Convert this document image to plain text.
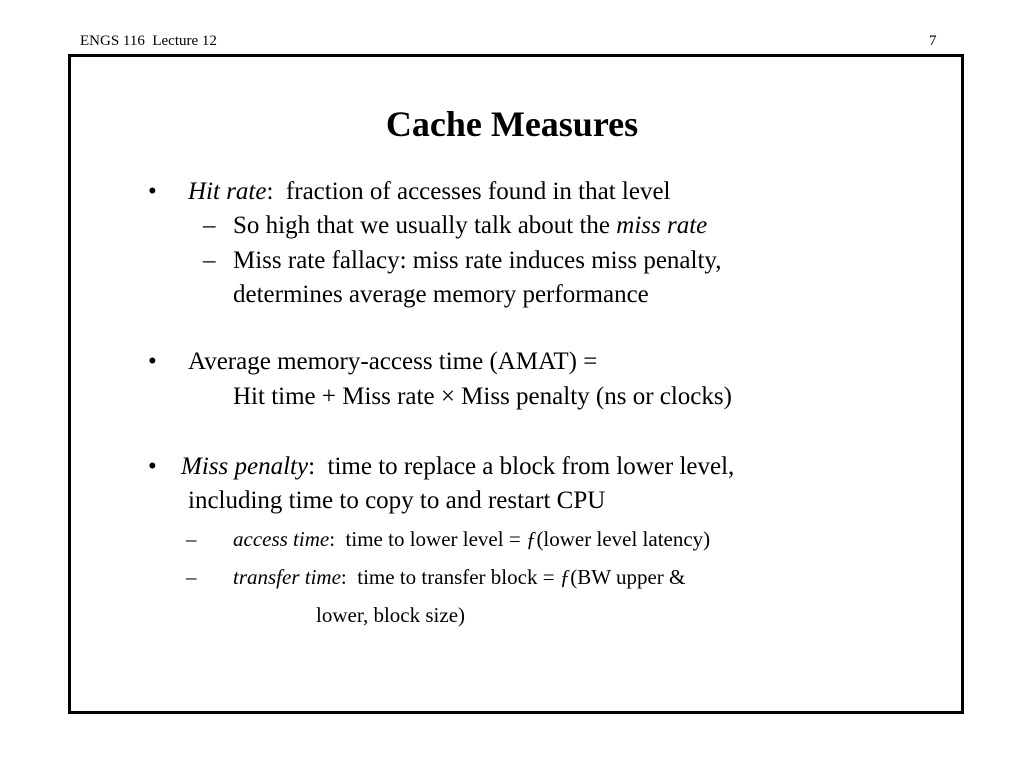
ENGS 116  Lecture 12	7
Cache Measures
• Hit rate:  fraction of accesses found in that level
– So high that we usually talk about the miss rate
– Miss rate fallacy: miss rate induces miss penalty,
determines average memory performance
• Average memory-access time (AMAT) =
Hit time + Miss rate × Miss penalty (ns or clocks)
• Miss penalty:  time to replace a block from lower level,
including time to copy to and restart CPU
– access time:  time to lower level = ƒ(lower level latency)
– transfer time:  time to transfer block = ƒ(BW upper &
lower, block size)
